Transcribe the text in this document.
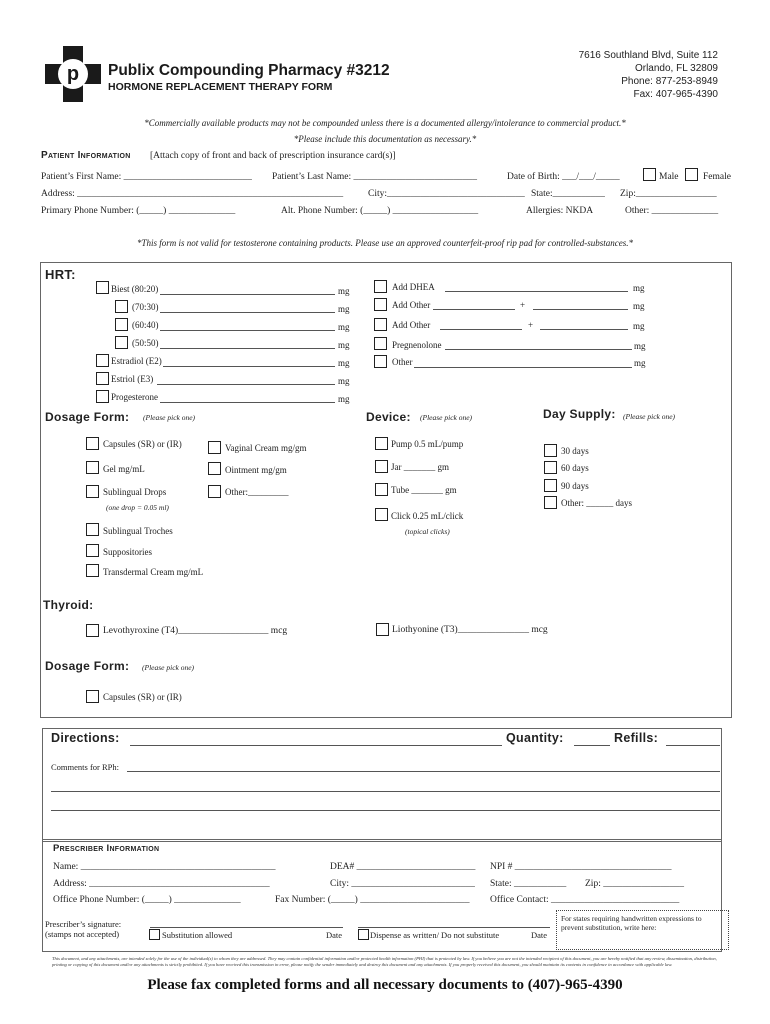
p Publix Compounding Pharmacy #3212
HORMONE REPLACEMENT THERAPY FORM
7616 Southland Blvd, Suite 112
Orlando, FL 32809
Phone: 877-253-8949
Fax: 407-965-4390
*Commercially available products may not be compounded unless there is a documented allergy/intolerance to commercial product.*
*Please include this documentation as necessary.*
Patient Information [Attach copy of front and back of prescription insurance card(s)]
Patient’s First Name: ___________________________ Patient’s Last Name: __________________________	Date of Birth: ___/___/_____	Male	Female
Address: ________________________________________________________	City:_____________________________ State:___________ Zip:_________________
Primary Phone Number: (_____) ______________	Alt. Phone Number: (_____) __________________	Allergies: NKDA	Other: ______________
*This form is not valid for testosterone containing products. Please use an approved counterfeit-proof rip pad for controlled-substances.*
HRT:
Biest (80:20)	mg
(70:30)	mg
(60:40)	mg
(50:50)	mg
Estradiol (E2)	mg
Estriol (E3)	mg
Progesterone	mg
Add DHEA	mg
Add Other	+	mg
Add Other	+	mg
Pregnenolone	mg
Other	mg
Dosage Form: (Please pick one)
Capsules (SR) or (IR)
Gel mg/mL
Sublingual Drops
(one drop = 0.05 ml)
Sublingual Troches
Suppositories
Transdermal Cream mg/mL
Vaginal Cream mg/gm
Ointment mg/gm
Other:_________
Device: (Please pick one)
Pump 0.5 mL/pump
Jar _______ gm
Tube _______ gm
Click 0.25 mL/click
(topical clicks)
Day Supply: (Please pick one)
30 days
60 days
90 days
Other: ______ days
Thyroid:
Levothyroxine (T4)___________________ mcg	Liothyonine (T3)_______________ mcg
Dosage Form: (Please pick one)
Capsules (SR) or (IR)
Directions:	Quantity:	Refills:
Comments for RPh:
Prescriber Information
Name: _________________________________________	DEA# _________________________ NPI # _________________________________
Address: ______________________________________	City: __________________________ State: ___________ Zip: _________________
Office Phone Number: (_____) ______________	Fax Number: (_____) _______________________ Office Contact: ___________________________
Prescriber’s signature:
(stamps not accepted)	Substitution allowed	Date	Dispense as written/ Do not substitute	Date
For states requiring handwritten expressions to prevent substitution, write here:
This document, and any attachments, are intended solely for the use of the individual(s) to whom they are addressed. They may contain confidential information and/or protected health information (PHI) that is protected by law. If you believe you are not the intended recipient of this document, you are hereby notified that any review, dissemination, distribution, printing or copying of this document and/or any attachments is strictly prohibited. If you have received this transmission in error, please notify the sender immediately and destroy this document and any attachments. If you properly received this document, you should maintain its contents in confidence in accordance with applicable law.
Please fax completed forms and all necessary documents to (407)-965-4390
